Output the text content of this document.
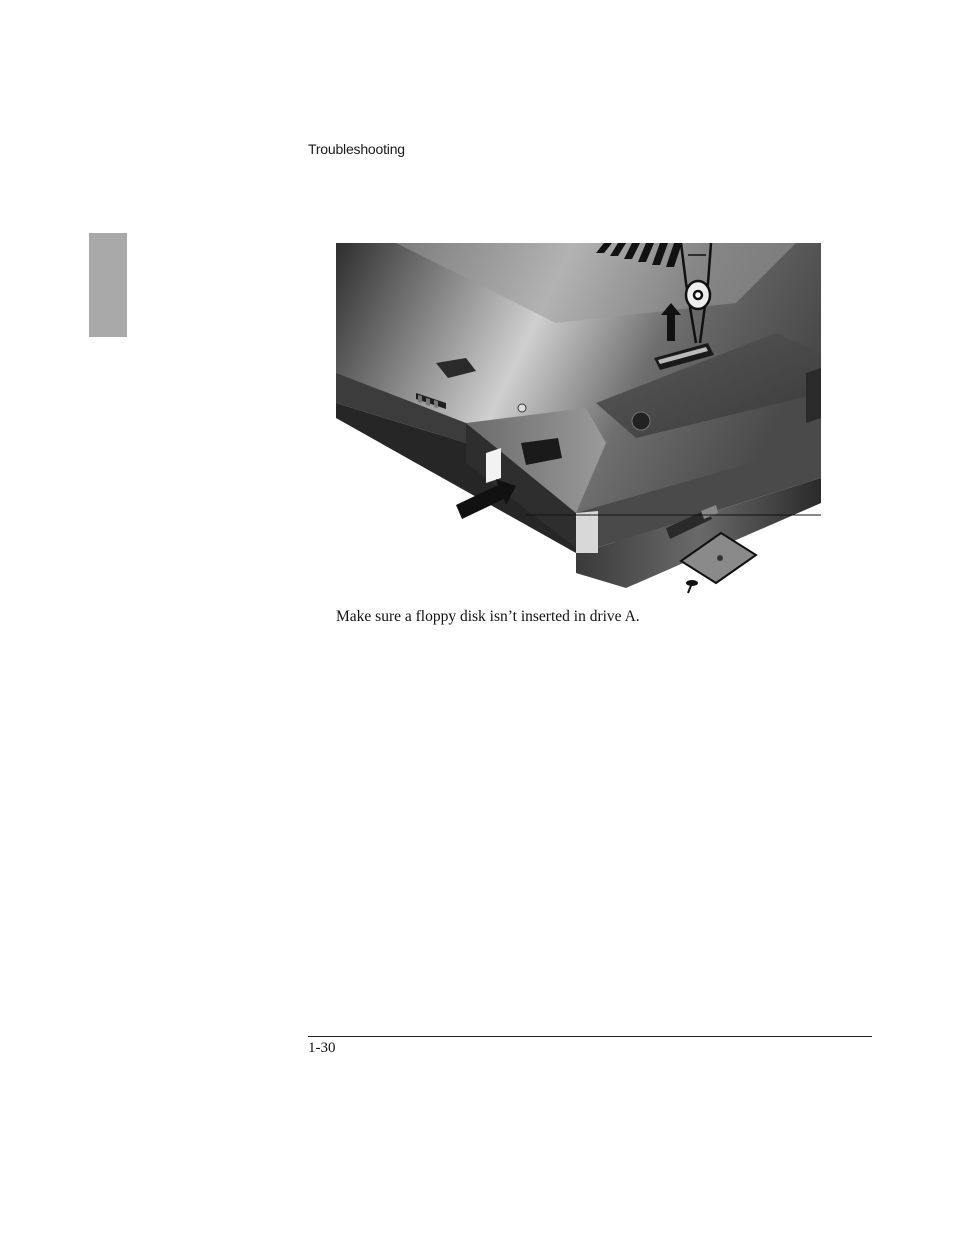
Troubleshooting
Make sure a floppy disk isn’t inserted in drive A.
1-30
